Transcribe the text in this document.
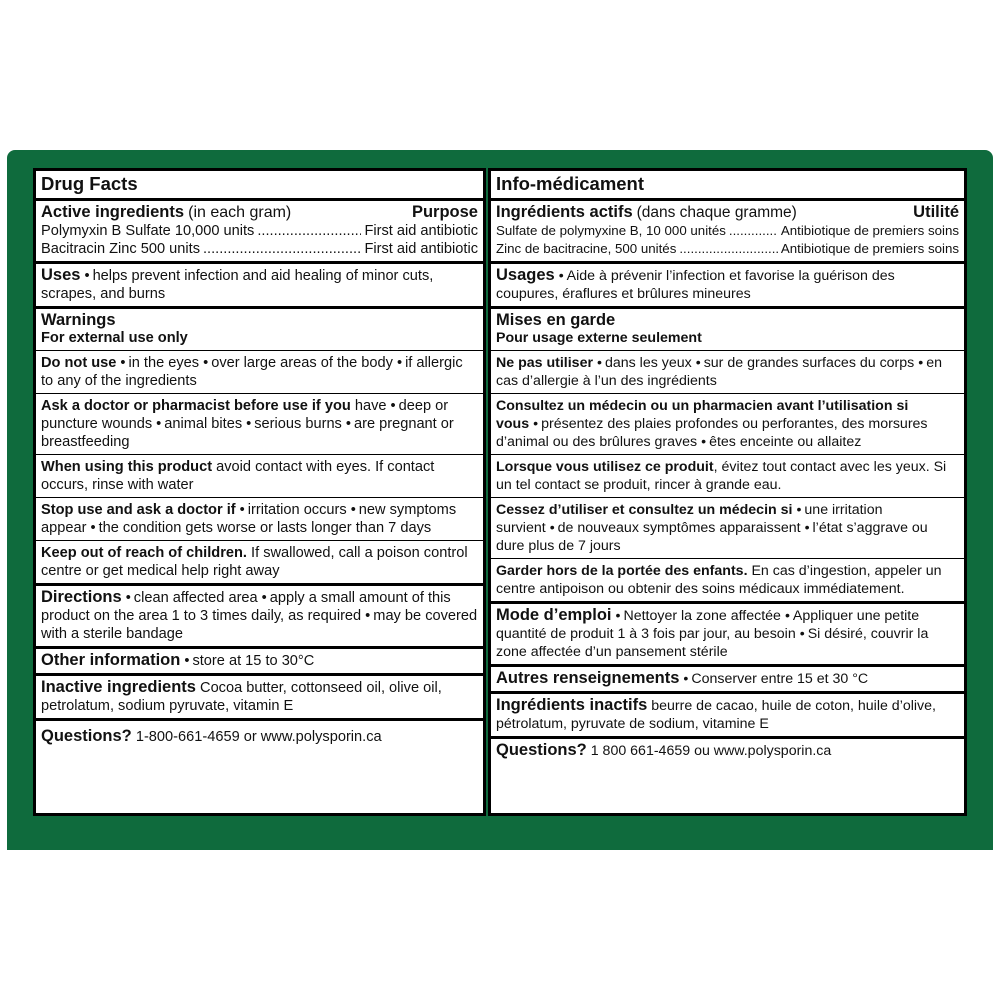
Drug Facts
Active ingredients (in each gram)	Purpose
Polymyxin B Sulfate 10,000 units .....	First aid antibiotic
Bacitracin Zinc 500 units .....	First aid antibiotic
Uses • helps prevent infection and aid healing of minor cuts, scrapes, and burns
Warnings
For external use only
Do not use • in the eyes • over large areas of the body • if allergic to any of the ingredients
Ask a doctor or pharmacist before use if you have • deep or puncture wounds • animal bites • serious burns • are pregnant or breastfeeding
When using this product avoid contact with eyes. If contact occurs, rinse with water
Stop use and ask a doctor if • irritation occurs • new symptoms appear • the condition gets worse or lasts longer than 7 days
Keep out of reach of children. If swallowed, call a poison control centre or get medical help right away
Directions • clean affected area • apply a small amount of this product on the area 1 to 3 times daily, as required • may be covered with a sterile bandage
Other information • store at 15 to 30°C
Inactive ingredients Cocoa butter, cottonseed oil, olive oil, petrolatum, sodium pyruvate, vitamin E
Questions? 1-800-661-4659 or www.polysporin.ca
Info-médicament
Ingrédients actifs (dans chaque gramme)	Utilité
Sulfate de polymyxine B, 10 000 unités .....	Antibiotique de premiers soins
Zinc de bacitracine, 500 unités .....	Antibiotique de premiers soins
Usages • Aide à prévenir l’infection et favorise la guérison des coupures, éraflures et brûlures mineures
Mises en garde
Pour usage externe seulement
Ne pas utiliser • dans les yeux • sur de grandes surfaces du corps • en cas d’allergie à l’un des ingrédients
Consultez un médecin ou un pharmacien avant l’utilisation si vous • présentez des plaies profondes ou perforantes, des morsures d’animal ou des brûlures graves • êtes enceinte ou allaitez
Lorsque vous utilisez ce produit, évitez tout contact avec les yeux. Si un tel contact se produit, rincer à grande eau.
Cessez d’utiliser et consultez un médecin si • une irritation survient • de nouveaux symptômes apparaissent • l’état s’aggrave ou dure plus de 7 jours
Garder hors de la portée des enfants. En cas d’ingestion, appeler un centre antipoison ou obtenir des soins médicaux immédiatement.
Mode d’emploi • Nettoyer la zone affectée • Appliquer une petite quantité de produit 1 à 3 fois par jour, au besoin • Si désiré, couvrir la zone affectée d’un pansement stérile
Autres renseignements • Conserver entre 15 et 30 °C
Ingrédients inactifs beurre de cacao, huile de coton, huile d’olive, pétrolatum, pyruvate de sodium, vitamine E
Questions? 1 800 661-4659 ou www.polysporin.ca
